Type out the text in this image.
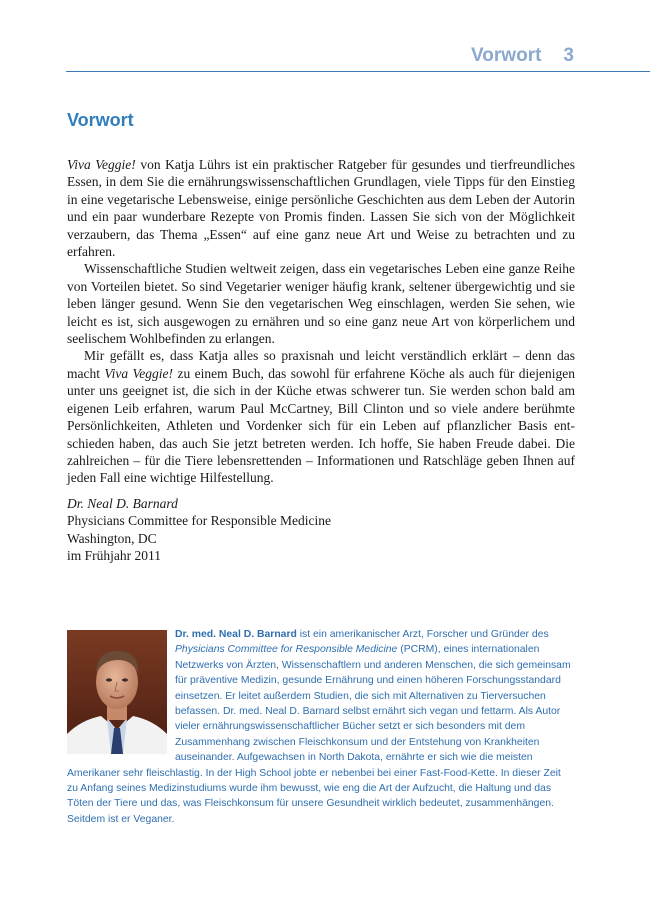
Vorwort 3
Vorwort

Viva Veggie! von Katja Lührs ist ein praktischer Ratgeber für gesundes und tierfreundliches Essen, in dem Sie die ernährungswissenschaftlichen Grundlagen, viele Tipps für den Einstieg in eine vegetarische Lebensweise, einige persönliche Geschichten aus dem Leben der Autorin und ein paar wunderbare Rezepte von Promis finden. Lassen Sie sich von der Möglichkeit verzaubern, das Thema „Essen“ auf eine ganz neue Art und Weise zu betrachten und zu erfahren.

Wissenschaftliche Studien weltweit zeigen, dass ein vegetarisches Leben eine ganze Reihe von Vorteilen bietet. So sind Vegetarier weniger häufig krank, seltener übergewichtig und sie leben länger gesund. Wenn Sie den vegetarischen Weg einschlagen, werden Sie sehen, wie leicht es ist, sich ausgewogen zu ernähren und so eine ganz neue Art von körperlichem und seelischem Wohlbefinden zu erlangen.

Mir gefällt es, dass Katja alles so praxisnah und leicht verständlich erklärt – denn das macht Viva Veggie! zu einem Buch, das sowohl für erfahrene Köche als auch für diejenigen unter uns geeignet ist, die sich in der Küche etwas schwerer tun. Sie werden schon bald am eigenen Leib erfahren, warum Paul McCartney, Bill Clinton und so viele andere berühmte Persönlichkeiten, Athleten und Vordenker sich für ein Leben auf pflanzlicher Basis entschieden haben, das auch Sie jetzt betreten werden. Ich hoffe, Sie haben Freude dabei. Die zahlreichen – für die Tiere lebensrettenden – Informationen und Ratschläge geben Ihnen auf jeden Fall eine wichtige Hilfestellung.

Dr. Neal D. Barnard
Physicians Committee for Responsible Medicine
Washington, DC
im Frühjahr 2011
Dr. med. Neal D. Barnard ist ein amerikanischer Arzt, Forscher und Gründer des Physicians Committee for Responsible Medicine (PCRM), eines internationalen Netzwerks von Ärzten, Wissenschaftlern und anderen Menschen, die sich gemeinsam für präventive Medizin, gesunde Ernährung und einen höheren Forschungsstandard einsetzen. Er leitet außerdem Studien, die sich mit Alternativen zu Tierversuchen befassen. Dr. med. Neal D. Barnard selbst ernährt sich vegan und fettarm. Als Autor vieler ernährungswissenschaftlicher Bücher setzt er sich besonders mit dem Zusammenhang zwischen Fleischkonsum und der Entstehung von Krankheiten auseinander. Aufgewachsen in North Dakota, ernährte er sich wie die meisten Amerikaner sehr fleischlastig. In der High School jobte er nebenbei bei einer Fast-Food-Kette. In dieser Zeit zu Anfang seines Medizinstudiums wurde ihm bewusst, wie eng die Art der Aufzucht, die Haltung und das Töten der Tiere und das, was Fleischkonsum für unsere Gesundheit wirklich bedeutet, zusammenhängen. Seitdem ist er Veganer.
